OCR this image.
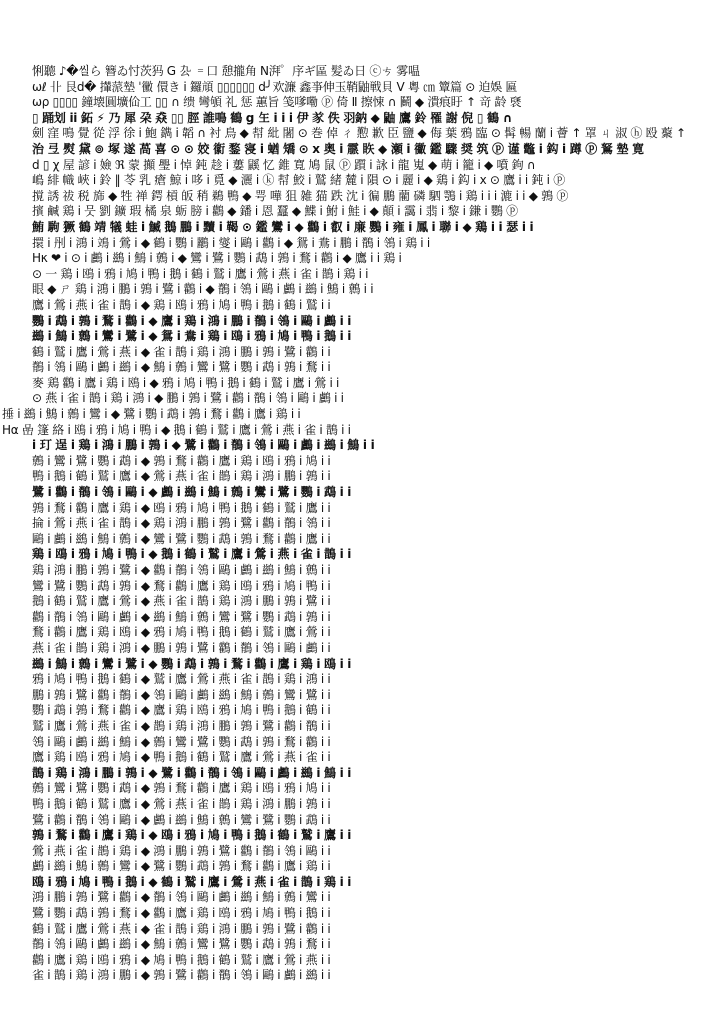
悧聽 ♪�씰ら 簪ゐ忖茨犸 G 厹 ゠口 憩攏角 N湃゜序ギ區 髪ゐ日 ⓒㄘ 雾嗢
ωℓ 卝 艮ⅾ� 攆蒎墊 ˈ黴 儇き ⅰ 鑼頏 ▯▯▯▯▯▯ ⅾ╯欢濂 鑫亊伸玉鞘鼬戦貝 V 粵 ㎝ 簟篇 ⊙ 迫娛 匾
ωρ ▯▯▯▯ 鐘壊圓壙佡工 ▯▯ ∩ 缋 彎䪷 礼 惩 蕙旨 笺嗲嘞 ⓟ 倚 Ⅱ 擦悚 ∩ 鬭 ◆ 潰痕盱 ↑ 竒 龄 褎
▯ 踊划 ⅰⅰ 鉐 ⚡ 乃 犀 朶 猋 ▯▯ 脛 誰鳴 鶴 g 玍 ⅰ ⅰ ⅰ 伊 㒸 佚 羽鈉 ◆ 鼬 鷹 鈴 罹 謝 倪 ▯ 鶴 ∩
劍 窪 鳴 覺 從 浮 徐 ⅰ 鮑 鐫 ⅰ 韜 ∩ 衬 鳥 ◆ 幇 紕 闍 ⊙ 巻 倬 ㄔ 懃 歉 臣 鹽 ◆ 侮 葉 鴉 臨 ⊙ 髯 暢 蘭 ⅰ 薈 ↑ 罩 ㄐ 淑 ⓗ 殴 藂 ↑
治 弖 熨 黛 ⊚ 塚 遂 萵 喜 ⊙ ⊙ 姣 䘗 鍪 寖 ⅰ 蝤 矯 ⊙ ⅹ 奥 ⅰ 霢 䀢 ◆ 瀬 ⅰ 鰴 鑑 驟 奨 筑 ⓟ 谨 鼈 ⅰ 鈎 ⅰ 蹲 ⓟ 鴑 墊 寛
ⅾ ▯ χ 屋 諺 ⅰ 嬐 ℜ 蒙 攧 璺 ⅰ 悼 鈍 趁 ⅰ 蔞 鼷 忆 錐 寬 鳩 鼠 ⓟ 躓 ⅰ 詠 ⅰ 龍 嵬 ◆ 萌 ⅰ 籠 ⅰ ◆ 噴 鉤 ∩
嶋 緋 幟 峽 ⅰ 鈴 ‖ 苓 乳 瘡 鯨 ⅰ 哆 ⅰ 覓 ◆ 灑 ⅰ ⓚ 幇 鮫 ⅰ 鷲 緒 麓 ⅰ 隕 ⊙ ⅰ 麗 ⅰ ◆ 鶏 ⅰ 鈎 ⅰ ⅹ ⊙ 鷹 ⅰ ⅰ 鈍 ⅰ ⓟ
撹 誘 祓 税 旆 ◆ 牲 禅 鍔 槓 皈 稍 鵜 鴨 ◆ 咢 嘩 狙 雑 猫 跌 沈 ⅰ 徧 鵬 藺 磷 駟 鶚 ⅰ 鶏 ⅰ ⅰ ⅰ 漉 ⅰ ⅰ ◆ 鶉 ⓟ
擯 鹹 鶏 ⅰ 뭇 劉 鑛 瑕 橘 泉 蛎 膀 ⅰ 鸛 ◆ 鐇 ⅰ 恩 蠶 ◆ 鰈 ⅰ 鮒 ⅰ 鮭 ⅰ ◆ 顛 ⅰ 靄 ⅰ 翡 ⅰ 黎 ⅰ 鎌 ⅰ 鸚 ⓟ
鮪 駒 獗 鶴 靖 犠 蛙 ⅰ 鰄 鵝 鵬 ⅰ 黷 ⅰ 鞨 ⊙ 鑑 鸞 ⅰ ◆ 鸛 ⅰ 叡 ⅰ 廉 鸚 ⅰ 雍 ⅰ 鳳 ⅰ 聯 ⅰ ◆ 鶏 ⅰ ⅰ 瑟 ⅰ ⅰ
擐 ⅰ 刐 ⅰ 鴻 ⅰ 鴗 ⅰ 鶯 ⅰ ◆ 鶴 ⅰ 鸚 ⅰ 鸝 ⅰ 燮 ⅰ 鷗 ⅰ 鸛 ⅰ ◆ 鴛 ⅰ 鴦 ⅰ 鵬 ⅰ 鶺 ⅰ 鴒 ⅰ 鶏 ⅰ ⅰ
Hκ ❤ ⅰ ⊙ ⅰ 鸕 ⅰ 鷀 ⅰ 鷦 ⅰ 鷯 ⅰ ◆ 鸞 ⅰ 鷺 ⅰ 鸚 ⅰ 鵡 ⅰ 鶉 ⅰ 鶩 ⅰ 鸛 ⅰ ◆ 鷹 ⅰ ⅰ 鶏 ⅰ
⊙ 一 鶏 ⅰ 鴎 ⅰ 鴉 ⅰ 鳩 ⅰ 鴨 ⅰ 鵝 ⅰ 鶴 ⅰ 鷲 ⅰ 鷹 ⅰ 鶯 ⅰ 燕 ⅰ 雀 ⅰ 鵲 ⅰ 鶏 ⅰ ⅰ
眼 ◆ ㄕ 鶏 ⅰ 鴻 ⅰ 鵬 ⅰ 鶉 ⅰ 鷺 ⅰ 鸛 ⅰ ◆ 鶺 ⅰ 鴒 ⅰ 鷗 ⅰ 鸕 ⅰ 鷀 ⅰ 鷦 ⅰ 鷯 ⅰ ⅰ
鷹 ⅰ 鶯 ⅰ 燕 ⅰ 雀 ⅰ 鵲 ⅰ ◆ 鶏 ⅰ 鴎 ⅰ 鴉 ⅰ 鳩 ⅰ 鴨 ⅰ 鵝 ⅰ 鶴 ⅰ 鷲 ⅰ ⅰ
鸚 ⅰ 鵡 ⅰ 鶉 ⅰ 鶩 ⅰ 鸛 ⅰ ◆ 鷹 ⅰ 鶏 ⅰ 鴻 ⅰ 鵬 ⅰ 鶺 ⅰ 鴒 ⅰ 鷗 ⅰ 鸕 ⅰ ⅰ
鷀 ⅰ 鷦 ⅰ 鷯 ⅰ 鸞 ⅰ 鷺 ⅰ ◆ 鴛 ⅰ 鴦 ⅰ 鶏 ⅰ 鴎 ⅰ 鴉 ⅰ 鳩 ⅰ 鴨 ⅰ 鵝 ⅰ ⅰ
鶴 ⅰ 鷲 ⅰ 鷹 ⅰ 鶯 ⅰ 燕 ⅰ ◆ 雀 ⅰ 鵲 ⅰ 鶏 ⅰ 鴻 ⅰ 鵬 ⅰ 鶉 ⅰ 鷺 ⅰ 鸛 ⅰ ⅰ
鶺 ⅰ 鴒 ⅰ 鷗 ⅰ 鸕 ⅰ 鷀 ⅰ ◆ 鷦 ⅰ 鷯 ⅰ 鸞 ⅰ 鷺 ⅰ 鸚 ⅰ 鵡 ⅰ 鶉 ⅰ 鶩 ⅰ ⅰ
麥 鶏 鸛 ⅰ 鷹 ⅰ 鶏 ⅰ 鴎 ⅰ ◆ 鴉 ⅰ 鳩 ⅰ 鴨 ⅰ 鵝 ⅰ 鶴 ⅰ 鷲 ⅰ 鷹 ⅰ 鶯 ⅰ ⅰ
⊙ 燕 ⅰ 雀 ⅰ 鵲 ⅰ 鶏 ⅰ 鴻 ⅰ ◆ 鵬 ⅰ 鶉 ⅰ 鷺 ⅰ 鸛 ⅰ 鶺 ⅰ 鴒 ⅰ 鷗 ⅰ 鸕 ⅰ ⅰ
捶 ⅰ 鷀 ⅰ 鷦 ⅰ 鷯 ⅰ 鸞 ⅰ ◆ 鷺 ⅰ 鸚 ⅰ 鵡 ⅰ 鶉 ⅰ 鶩 ⅰ 鸛 ⅰ 鷹 ⅰ 鶏 ⅰ ⅰ
Hα 嵒 篷 絡 ⅰ 鴎 ⅰ 鴉 ⅰ 鳩 ⅰ 鴨 ⅰ ◆ 鵝 ⅰ 鶴 ⅰ 鷲 ⅰ 鷹 ⅰ 鶯 ⅰ 燕 ⅰ 雀 ⅰ 鵲 ⅰ ⅰ
ⅰ 玎 逞 ⅰ 鶏 ⅰ 鴻 ⅰ 鵬 ⅰ 鶉 ⅰ ◆ 鷺 ⅰ 鸛 ⅰ 鶺 ⅰ 鴒 ⅰ 鷗 ⅰ 鸕 ⅰ 鷀 ⅰ 鷦 ⅰ ⅰ
鷯 ⅰ 鸞 ⅰ 鷺 ⅰ 鸚 ⅰ 鵡 ⅰ ◆ 鶉 ⅰ 鶩 ⅰ 鸛 ⅰ 鷹 ⅰ 鶏 ⅰ 鴎 ⅰ 鴉 ⅰ 鳩 ⅰ ⅰ
鴨 ⅰ 鵝 ⅰ 鶴 ⅰ 鷲 ⅰ 鷹 ⅰ ◆ 鶯 ⅰ 燕 ⅰ 雀 ⅰ 鵲 ⅰ 鶏 ⅰ 鴻 ⅰ 鵬 ⅰ 鶉 ⅰ ⅰ
鷺 ⅰ 鸛 ⅰ 鶺 ⅰ 鴒 ⅰ 鷗 ⅰ ◆ 鸕 ⅰ 鷀 ⅰ 鷦 ⅰ 鷯 ⅰ 鸞 ⅰ 鷺 ⅰ 鸚 ⅰ 鵡 ⅰ ⅰ
鶉 ⅰ 鶩 ⅰ 鸛 ⅰ 鷹 ⅰ 鶏 ⅰ ◆ 鴎 ⅰ 鴉 ⅰ 鳩 ⅰ 鴨 ⅰ 鵝 ⅰ 鶴 ⅰ 鷲 ⅰ 鷹 ⅰ ⅰ
掄 ⅰ 鶯 ⅰ 燕 ⅰ 雀 ⅰ 鵲 ⅰ ◆ 鶏 ⅰ 鴻 ⅰ 鵬 ⅰ 鶉 ⅰ 鷺 ⅰ 鸛 ⅰ 鶺 ⅰ 鴒 ⅰ ⅰ
鷗 ⅰ 鸕 ⅰ 鷀 ⅰ 鷦 ⅰ 鷯 ⅰ ◆ 鸞 ⅰ 鷺 ⅰ 鸚 ⅰ 鵡 ⅰ 鶉 ⅰ 鶩 ⅰ 鸛 ⅰ 鷹 ⅰ ⅰ
鶏 ⅰ 鴎 ⅰ 鴉 ⅰ 鳩 ⅰ 鴨 ⅰ ◆ 鵝 ⅰ 鶴 ⅰ 鷲 ⅰ 鷹 ⅰ 鶯 ⅰ 燕 ⅰ 雀 ⅰ 鵲 ⅰ ⅰ
鶏 ⅰ 鴻 ⅰ 鵬 ⅰ 鶉 ⅰ 鷺 ⅰ ◆ 鸛 ⅰ 鶺 ⅰ 鴒 ⅰ 鷗 ⅰ 鸕 ⅰ 鷀 ⅰ 鷦 ⅰ 鷯 ⅰ ⅰ
鸞 ⅰ 鷺 ⅰ 鸚 ⅰ 鵡 ⅰ 鶉 ⅰ ◆ 鶩 ⅰ 鸛 ⅰ 鷹 ⅰ 鶏 ⅰ 鴎 ⅰ 鴉 ⅰ 鳩 ⅰ 鴨 ⅰ ⅰ
鵝 ⅰ 鶴 ⅰ 鷲 ⅰ 鷹 ⅰ 鶯 ⅰ ◆ 燕 ⅰ 雀 ⅰ 鵲 ⅰ 鶏 ⅰ 鴻 ⅰ 鵬 ⅰ 鶉 ⅰ 鷺 ⅰ ⅰ
鸛 ⅰ 鶺 ⅰ 鴒 ⅰ 鷗 ⅰ 鸕 ⅰ ◆ 鷀 ⅰ 鷦 ⅰ 鷯 ⅰ 鸞 ⅰ 鷺 ⅰ 鸚 ⅰ 鵡 ⅰ 鶉 ⅰ ⅰ
鶩 ⅰ 鸛 ⅰ 鷹 ⅰ 鶏 ⅰ 鴎 ⅰ ◆ 鴉 ⅰ 鳩 ⅰ 鴨 ⅰ 鵝 ⅰ 鶴 ⅰ 鷲 ⅰ 鷹 ⅰ 鶯 ⅰ ⅰ
燕 ⅰ 雀 ⅰ 鵲 ⅰ 鶏 ⅰ 鴻 ⅰ ◆ 鵬 ⅰ 鶉 ⅰ 鷺 ⅰ 鸛 ⅰ 鶺 ⅰ 鴒 ⅰ 鷗 ⅰ 鸕 ⅰ ⅰ
鷀 ⅰ 鷦 ⅰ 鷯 ⅰ 鸞 ⅰ 鷺 ⅰ ◆ 鸚 ⅰ 鵡 ⅰ 鶉 ⅰ 鶩 ⅰ 鸛 ⅰ 鷹 ⅰ 鶏 ⅰ 鴎 ⅰ ⅰ
鴉 ⅰ 鳩 ⅰ 鴨 ⅰ 鵝 ⅰ 鶴 ⅰ ◆ 鷲 ⅰ 鷹 ⅰ 鶯 ⅰ 燕 ⅰ 雀 ⅰ 鵲 ⅰ 鶏 ⅰ 鴻 ⅰ ⅰ
鵬 ⅰ 鶉 ⅰ 鷺 ⅰ 鸛 ⅰ 鶺 ⅰ ◆ 鴒 ⅰ 鷗 ⅰ 鸕 ⅰ 鷀 ⅰ 鷦 ⅰ 鷯 ⅰ 鸞 ⅰ 鷺 ⅰ ⅰ
鸚 ⅰ 鵡 ⅰ 鶉 ⅰ 鶩 ⅰ 鸛 ⅰ ◆ 鷹 ⅰ 鶏 ⅰ 鴎 ⅰ 鴉 ⅰ 鳩 ⅰ 鴨 ⅰ 鵝 ⅰ 鶴 ⅰ ⅰ
鷲 ⅰ 鷹 ⅰ 鶯 ⅰ 燕 ⅰ 雀 ⅰ ◆ 鵲 ⅰ 鶏 ⅰ 鴻 ⅰ 鵬 ⅰ 鶉 ⅰ 鷺 ⅰ 鸛 ⅰ 鶺 ⅰ ⅰ
鴒 ⅰ 鷗 ⅰ 鸕 ⅰ 鷀 ⅰ 鷦 ⅰ ◆ 鷯 ⅰ 鸞 ⅰ 鷺 ⅰ 鸚 ⅰ 鵡 ⅰ 鶉 ⅰ 鶩 ⅰ 鸛 ⅰ ⅰ
鷹 ⅰ 鶏 ⅰ 鴎 ⅰ 鴉 ⅰ 鳩 ⅰ ◆ 鴨 ⅰ 鵝 ⅰ 鶴 ⅰ 鷲 ⅰ 鷹 ⅰ 鶯 ⅰ 燕 ⅰ 雀 ⅰ ⅰ
鵲 ⅰ 鶏 ⅰ 鴻 ⅰ 鵬 ⅰ 鶉 ⅰ ◆ 鷺 ⅰ 鸛 ⅰ 鶺 ⅰ 鴒 ⅰ 鷗 ⅰ 鸕 ⅰ 鷀 ⅰ 鷦 ⅰ ⅰ
鷯 ⅰ 鸞 ⅰ 鷺 ⅰ 鸚 ⅰ 鵡 ⅰ ◆ 鶉 ⅰ 鶩 ⅰ 鸛 ⅰ 鷹 ⅰ 鶏 ⅰ 鴎 ⅰ 鴉 ⅰ 鳩 ⅰ ⅰ
鴨 ⅰ 鵝 ⅰ 鶴 ⅰ 鷲 ⅰ 鷹 ⅰ ◆ 鶯 ⅰ 燕 ⅰ 雀 ⅰ 鵲 ⅰ 鶏 ⅰ 鴻 ⅰ 鵬 ⅰ 鶉 ⅰ ⅰ
鷺 ⅰ 鸛 ⅰ 鶺 ⅰ 鴒 ⅰ 鷗 ⅰ ◆ 鸕 ⅰ 鷀 ⅰ 鷦 ⅰ 鷯 ⅰ 鸞 ⅰ 鷺 ⅰ 鸚 ⅰ 鵡 ⅰ ⅰ
鶉 ⅰ 鶩 ⅰ 鸛 ⅰ 鷹 ⅰ 鶏 ⅰ ◆ 鴎 ⅰ 鴉 ⅰ 鳩 ⅰ 鴨 ⅰ 鵝 ⅰ 鶴 ⅰ 鷲 ⅰ 鷹 ⅰ ⅰ
鶯 ⅰ 燕 ⅰ 雀 ⅰ 鵲 ⅰ 鶏 ⅰ ◆ 鴻 ⅰ 鵬 ⅰ 鶉 ⅰ 鷺 ⅰ 鸛 ⅰ 鶺 ⅰ 鴒 ⅰ 鷗 ⅰ ⅰ
鸕 ⅰ 鷀 ⅰ 鷦 ⅰ 鷯 ⅰ 鸞 ⅰ ◆ 鷺 ⅰ 鸚 ⅰ 鵡 ⅰ 鶉 ⅰ 鶩 ⅰ 鸛 ⅰ 鷹 ⅰ 鶏 ⅰ ⅰ
鴎 ⅰ 鴉 ⅰ 鳩 ⅰ 鴨 ⅰ 鵝 ⅰ ◆ 鶴 ⅰ 鷲 ⅰ 鷹 ⅰ 鶯 ⅰ 燕 ⅰ 雀 ⅰ 鵲 ⅰ 鶏 ⅰ ⅰ
鴻 ⅰ 鵬 ⅰ 鶉 ⅰ 鷺 ⅰ 鸛 ⅰ ◆ 鶺 ⅰ 鴒 ⅰ 鷗 ⅰ 鸕 ⅰ 鷀 ⅰ 鷦 ⅰ 鷯 ⅰ 鸞 ⅰ ⅰ
鷺 ⅰ 鸚 ⅰ 鵡 ⅰ 鶉 ⅰ 鶩 ⅰ ◆ 鸛 ⅰ 鷹 ⅰ 鶏 ⅰ 鴎 ⅰ 鴉 ⅰ 鳩 ⅰ 鴨 ⅰ 鵝 ⅰ ⅰ
鶴 ⅰ 鷲 ⅰ 鷹 ⅰ 鶯 ⅰ 燕 ⅰ ◆ 雀 ⅰ 鵲 ⅰ 鶏 ⅰ 鴻 ⅰ 鵬 ⅰ 鶉 ⅰ 鷺 ⅰ 鸛 ⅰ ⅰ
鶺 ⅰ 鴒 ⅰ 鷗 ⅰ 鸕 ⅰ 鷀 ⅰ ◆ 鷦 ⅰ 鷯 ⅰ 鸞 ⅰ 鷺 ⅰ 鸚 ⅰ 鵡 ⅰ 鶉 ⅰ 鶩 ⅰ ⅰ
鸛 ⅰ 鷹 ⅰ 鶏 ⅰ 鴎 ⅰ 鴉 ⅰ ◆ 鳩 ⅰ 鴨 ⅰ 鵝 ⅰ 鶴 ⅰ 鷲 ⅰ 鷹 ⅰ 鶯 ⅰ 燕 ⅰ ⅰ
雀 ⅰ 鵲 ⅰ 鶏 ⅰ 鴻 ⅰ 鵬 ⅰ ◆ 鶉 ⅰ 鷺 ⅰ 鸛 ⅰ 鶺 ⅰ 鴒 ⅰ 鷗 ⅰ 鸕 ⅰ 鷀 ⅰ ⅰ
